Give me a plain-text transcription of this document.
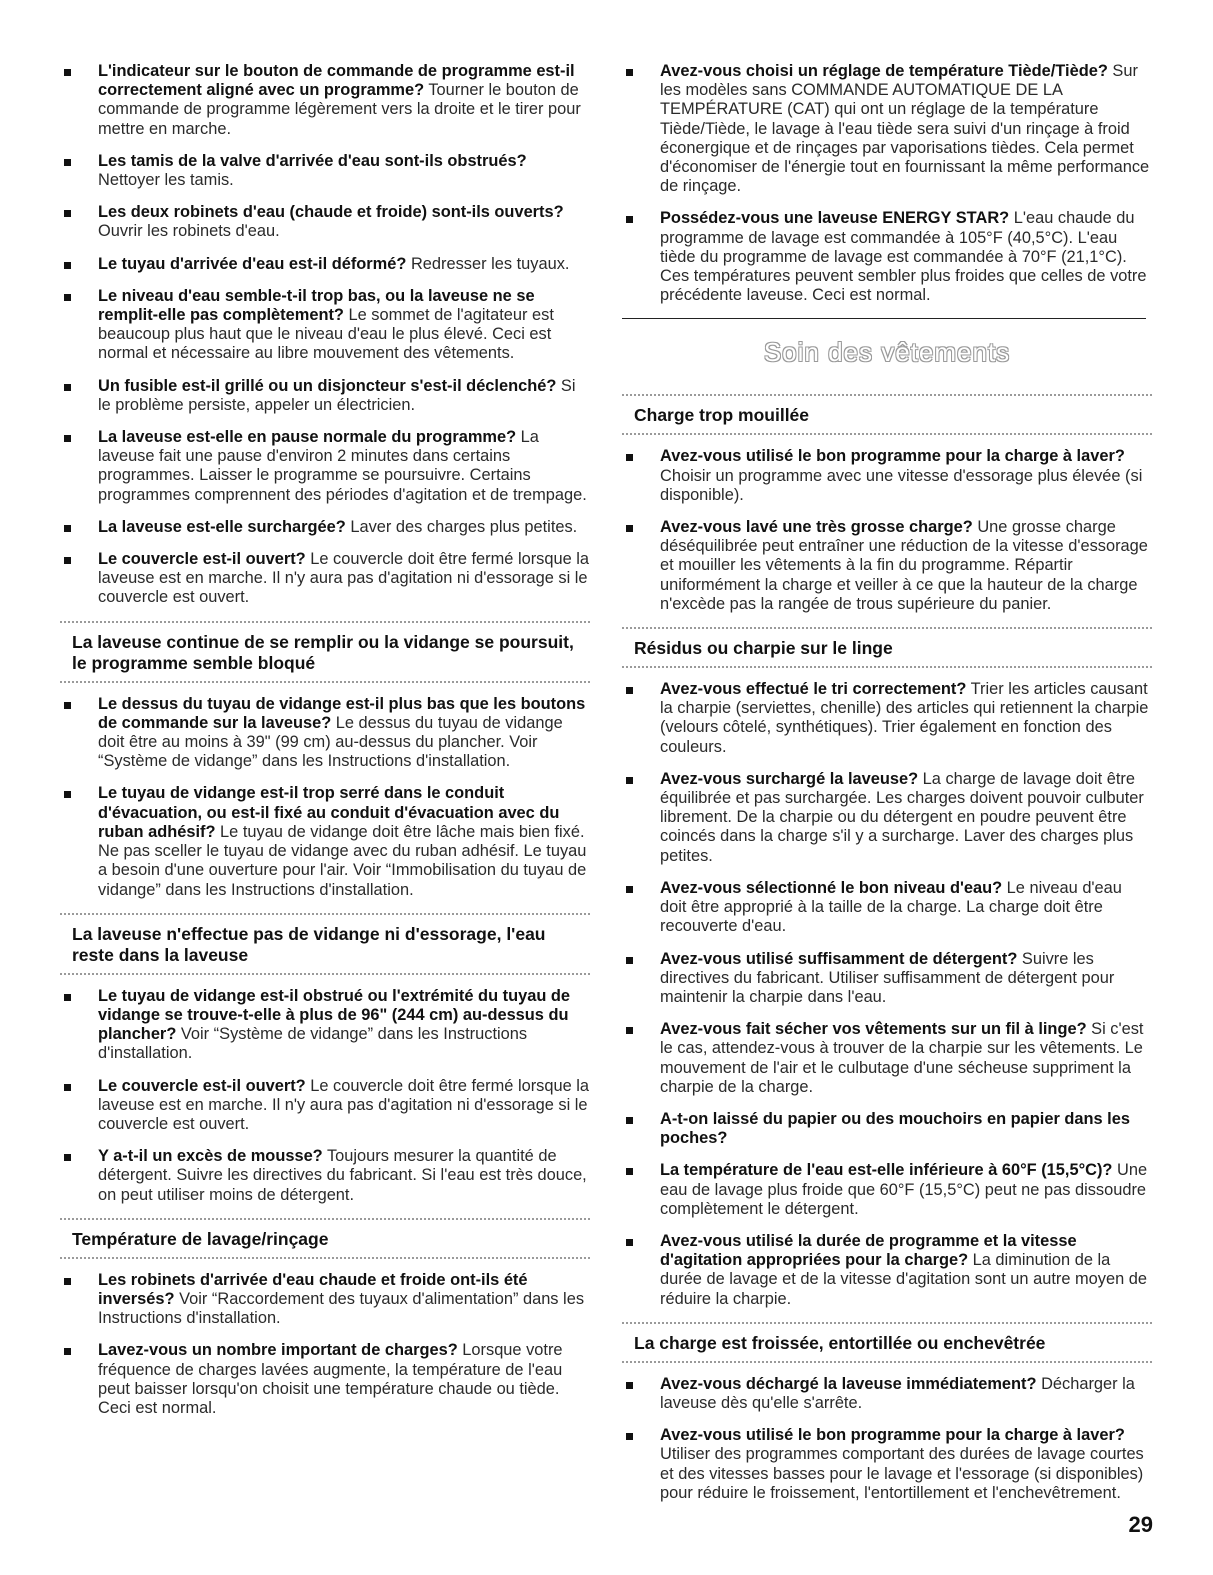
L'indicateur sur le bouton de commande de programme est-il correctement aligné avec un programme? Tourner le bouton de commande de programme légèrement vers la droite et le tirer pour mettre en marche.
Les tamis de la valve d'arrivée d'eau sont-ils obstrués? Nettoyer les tamis.
Les deux robinets d'eau (chaude et froide) sont-ils ouverts? Ouvrir les robinets d'eau.
Le tuyau d'arrivée d'eau est-il déformé? Redresser les tuyaux.
Le niveau d'eau semble-t-il trop bas, ou la laveuse ne se remplit-elle pas complètement? Le sommet de l'agitateur est beaucoup plus haut que le niveau d'eau le plus élevé. Ceci est normal et nécessaire au libre mouvement des vêtements.
Un fusible est-il grillé ou un disjoncteur s'est-il déclenché? Si le problème persiste, appeler un électricien.
La laveuse est-elle en pause normale du programme? La laveuse fait une pause d'environ 2 minutes dans certains programmes. Laisser le programme se poursuivre. Certains programmes comprennent des périodes d'agitation et de trempage.
La laveuse est-elle surchargée? Laver des charges plus petites.
Le couvercle est-il ouvert? Le couvercle doit être fermé lorsque la laveuse est en marche. Il n'y aura pas d'agitation ni d'essorage si le couvercle est ouvert.
La laveuse continue de se remplir ou la vidange se poursuit, le programme semble bloqué
Le dessus du tuyau de vidange est-il plus bas que les boutons de commande sur la laveuse? Le dessus du tuyau de vidange doit être au moins à 39" (99 cm) au-dessus du plancher. Voir “Système de vidange” dans les Instructions d'installation.
Le tuyau de vidange est-il trop serré dans le conduit d'évacuation, ou est-il fixé au conduit d'évacuation avec du ruban adhésif? Le tuyau de vidange doit être lâche mais bien fixé. Ne pas sceller le tuyau de vidange avec du ruban adhésif. Le tuyau a besoin d'une ouverture pour l'air. Voir “Immobilisation du tuyau de vidange” dans les Instructions d'installation.
La laveuse n'effectue pas de vidange ni d'essorage, l'eau reste dans la laveuse
Le tuyau de vidange est-il obstrué ou l'extrémité du tuyau de vidange se trouve-t-elle à plus de 96" (244 cm) au-dessus du plancher? Voir “Système de vidange” dans les Instructions d'installation.
Le couvercle est-il ouvert? Le couvercle doit être fermé lorsque la laveuse est en marche. Il n'y aura pas d'agitation ni d'essorage si le couvercle est ouvert.
Y a-t-il un excès de mousse? Toujours mesurer la quantité de détergent. Suivre les directives du fabricant. Si l'eau est très douce, on peut utiliser moins de détergent.
Température de lavage/rinçage
Les robinets d'arrivée d'eau chaude et froide ont-ils été inversés? Voir “Raccordement des tuyaux d'alimentation” dans les Instructions d'installation.
Lavez-vous un nombre important de charges? Lorsque votre fréquence de charges lavées augmente, la température de l'eau peut baisser lorsqu'on choisit une température chaude ou tiède. Ceci est normal.
Avez-vous choisi un réglage de température Tiède/Tiède? Sur les modèles sans COMMANDE AUTOMATIQUE DE LA TEMPÉRATURE (CAT) qui ont un réglage de la température Tiède/Tiède, le lavage à l'eau tiède sera suivi d'un rinçage à froid éconergique et de rinçages par vaporisations tièdes. Cela permet d'économiser de l'énergie tout en fournissant la même performance de rinçage.
Possédez-vous une laveuse ENERGY STAR? L'eau chaude du programme de lavage est commandée à 105°F (40,5°C). L'eau tiède du programme de lavage est commandée à 70°F (21,1°C). Ces températures peuvent sembler plus froides que celles de votre précédente laveuse. Ceci est normal.
Soin des vêtements
Charge trop mouillée
Avez-vous utilisé le bon programme pour la charge à laver? Choisir un programme avec une vitesse d'essorage plus élevée (si disponible).
Avez-vous lavé une très grosse charge? Une grosse charge déséquilibrée peut entraîner une réduction de la vitesse d'essorage et mouiller les vêtements à la fin du programme. Répartir uniformément la charge et veiller à ce que la hauteur de la charge n'excède pas la rangée de trous supérieure du panier.
Résidus ou charpie sur le linge
Avez-vous effectué le tri correctement? Trier les articles causant la charpie (serviettes, chenille) des articles qui retiennent la charpie (velours côtelé, synthétiques). Trier également en fonction des couleurs.
Avez-vous surchargé la laveuse? La charge de lavage doit être équilibrée et pas surchargée. Les charges doivent pouvoir culbuter librement. De la charpie ou du détergent en poudre peuvent être coincés dans la charge s'il y a surcharge. Laver des charges plus petites.
Avez-vous sélectionné le bon niveau d'eau? Le niveau d'eau doit être approprié à la taille de la charge. La charge doit être recouverte d'eau.
Avez-vous utilisé suffisamment de détergent? Suivre les directives du fabricant. Utiliser suffisamment de détergent pour maintenir la charpie dans l'eau.
Avez-vous fait sécher vos vêtements sur un fil à linge? Si c'est le cas, attendez-vous à trouver de la charpie sur les vêtements. Le mouvement de l'air et le culbutage d'une sécheuse suppriment la charpie de la charge.
A-t-on laissé du papier ou des mouchoirs en papier dans les poches?
La température de l'eau est-elle inférieure à 60°F (15,5°C)? Une eau de lavage plus froide que 60°F (15,5°C) peut ne pas dissoudre complètement le détergent.
Avez-vous utilisé la durée de programme et la vitesse d'agitation appropriées pour la charge? La diminution de la durée de lavage et de la vitesse d'agitation sont un autre moyen de réduire la charpie.
La charge est froissée, entortillée ou enchevêtrée
Avez-vous déchargé la laveuse immédiatement? Décharger la laveuse dès qu'elle s'arrête.
Avez-vous utilisé le bon programme pour la charge à laver? Utiliser des programmes comportant des durées de lavage courtes et des vitesses basses pour le lavage et l'essorage (si disponibles) pour réduire le froissement, l'entortillement et l'enchevêtrement.
29
